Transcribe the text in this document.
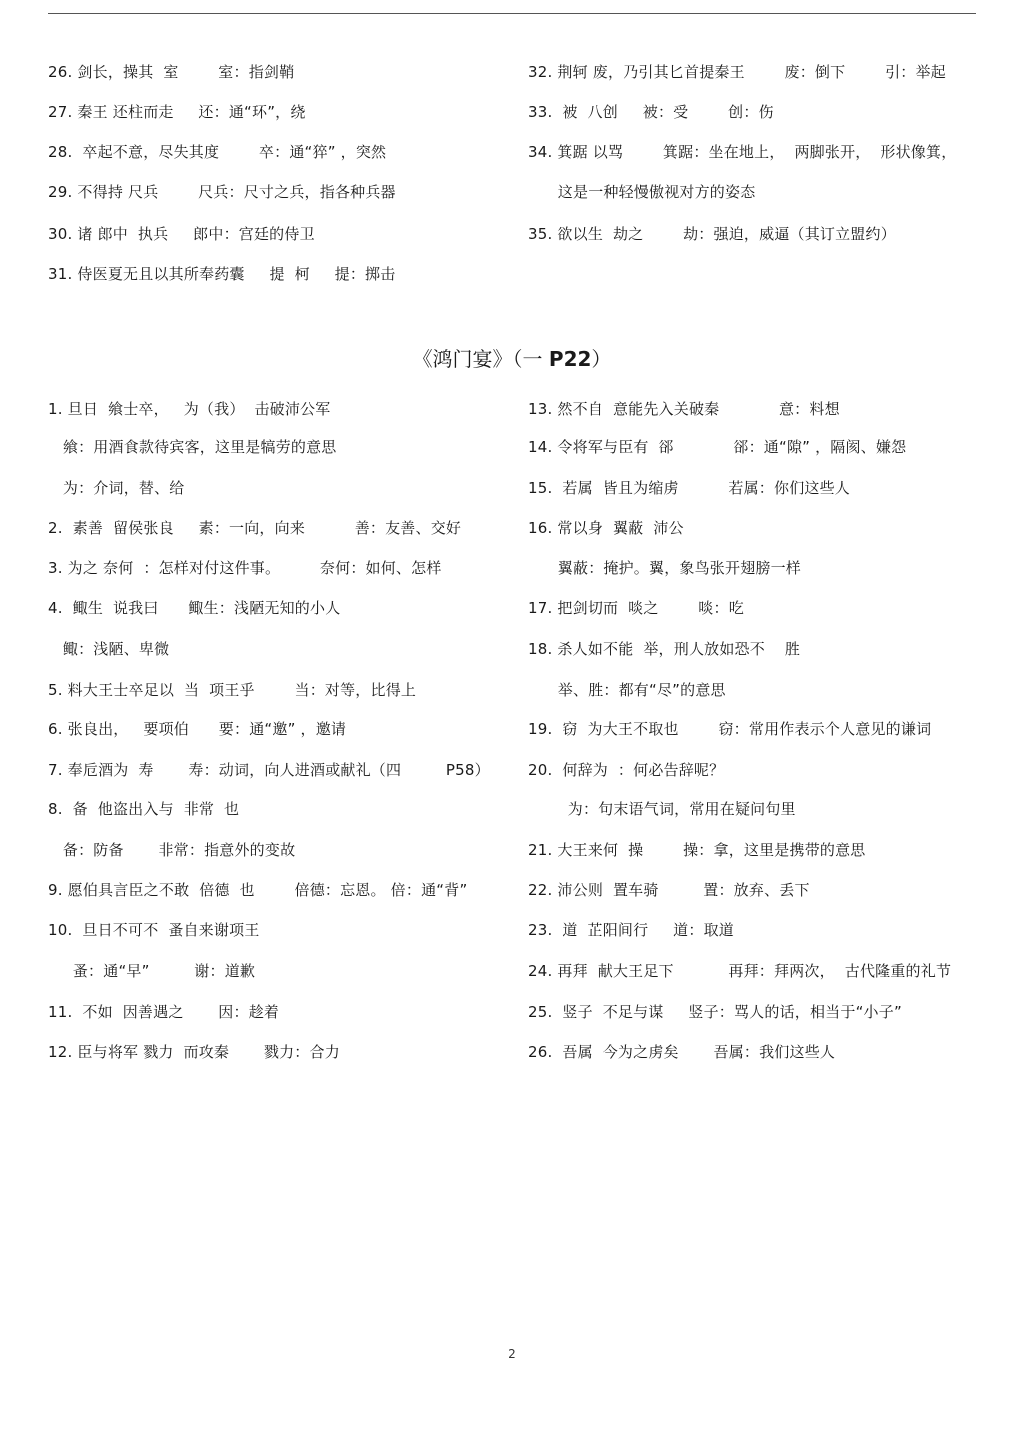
26. 剑长，操其  室        室：指剑鞘
27. 秦王 还柱而走     还：通“环”，绕
28.  卒起不意，尽失其度        卒：通“猝” ，突然
29. 不得持 尺兵        尺兵：尺寸之兵，指各种兵器
30. 诸 郎中  执兵     郎中：宫廷的侍卫
31. 侍医夏无且以其所奉药囊     提  柯     提：掷击
32. 荆轲 废，乃引其匕首提秦王        废：倒下        引：举起
33.  被  八创     被：受        创：伤
34. 箕踞 以骂        箕踞：坐在地上，  两脚张开，  形状像箕，
这是一种轻慢傲视对方的姿态
35. 欲以生  劫之        劫：强迫，威逼（其订立盟约）
《鸿门宴》（一 P22）
1. 旦日  飨士卒，   为（我）  击破沛公军
飨：用酒食款待宾客，这里是犒劳的意思
为：介词，替、给
2.  素善  留侯张良     素：一向，向来          善：友善、交好
3. 为之 奈何  ：怎样对付这件事。        奈何：如何、怎样
4.  鲰生  说我曰      鲰生：浅陋无知的小人
鲰：浅陋、卑微
5. 料大王士卒足以  当  项王乎        当：对等，比得上
6. 张良出，   要项伯      要：通“邀” ，邀请
7. 奉卮酒为  寿       寿：动词，向人进酒或献礼（四         P58）
8.  备  他盗出入与  非常  也
备：防备       非常：指意外的变故
9. 愿伯具言臣之不敢  倍德  也        倍德：忘恩。 倍：通“背”
10.  旦日不可不  蚤自来谢项王
蚤：通“早”         谢：道歉
11.  不如  因善遇之       因：趁着
12. 臣与将军 戮力  而攻秦       戮力：合力
13. 然不自  意能先入关破秦            意：料想
14. 令将军与臣有  郤            郤：通“隙” ，隔阂、嫌怨
15.  若属  皆且为缩虏          若属：你们这些人
16. 常以身  翼蔽  沛公
翼蔽：掩护。翼，象鸟张开翅膀一样
17. 把剑切而  啖之        啖：吃
18. 杀人如不能  举，刑人放如恐不    胜
举、胜：都有“尽”的意思
19.  窃  为大王不取也        窃：常用作表示个人意见的谦词
20.  何辞为  ：何必告辞呢？
为：句末语气词，常用在疑问句里
21. 大王来何  操        操：拿，这里是携带的意思
22. 沛公则  置车骑         置：放弃、丢下
23.  道  芷阳间行     道：取道
24. 再拜  献大王足下           再拜：拜两次，  古代隆重的礼节
25.  竖子  不足与谋     竖子：骂人的话，相当于“小子”
26.  吾属  今为之虏矣       吾属：我们这些人
2
